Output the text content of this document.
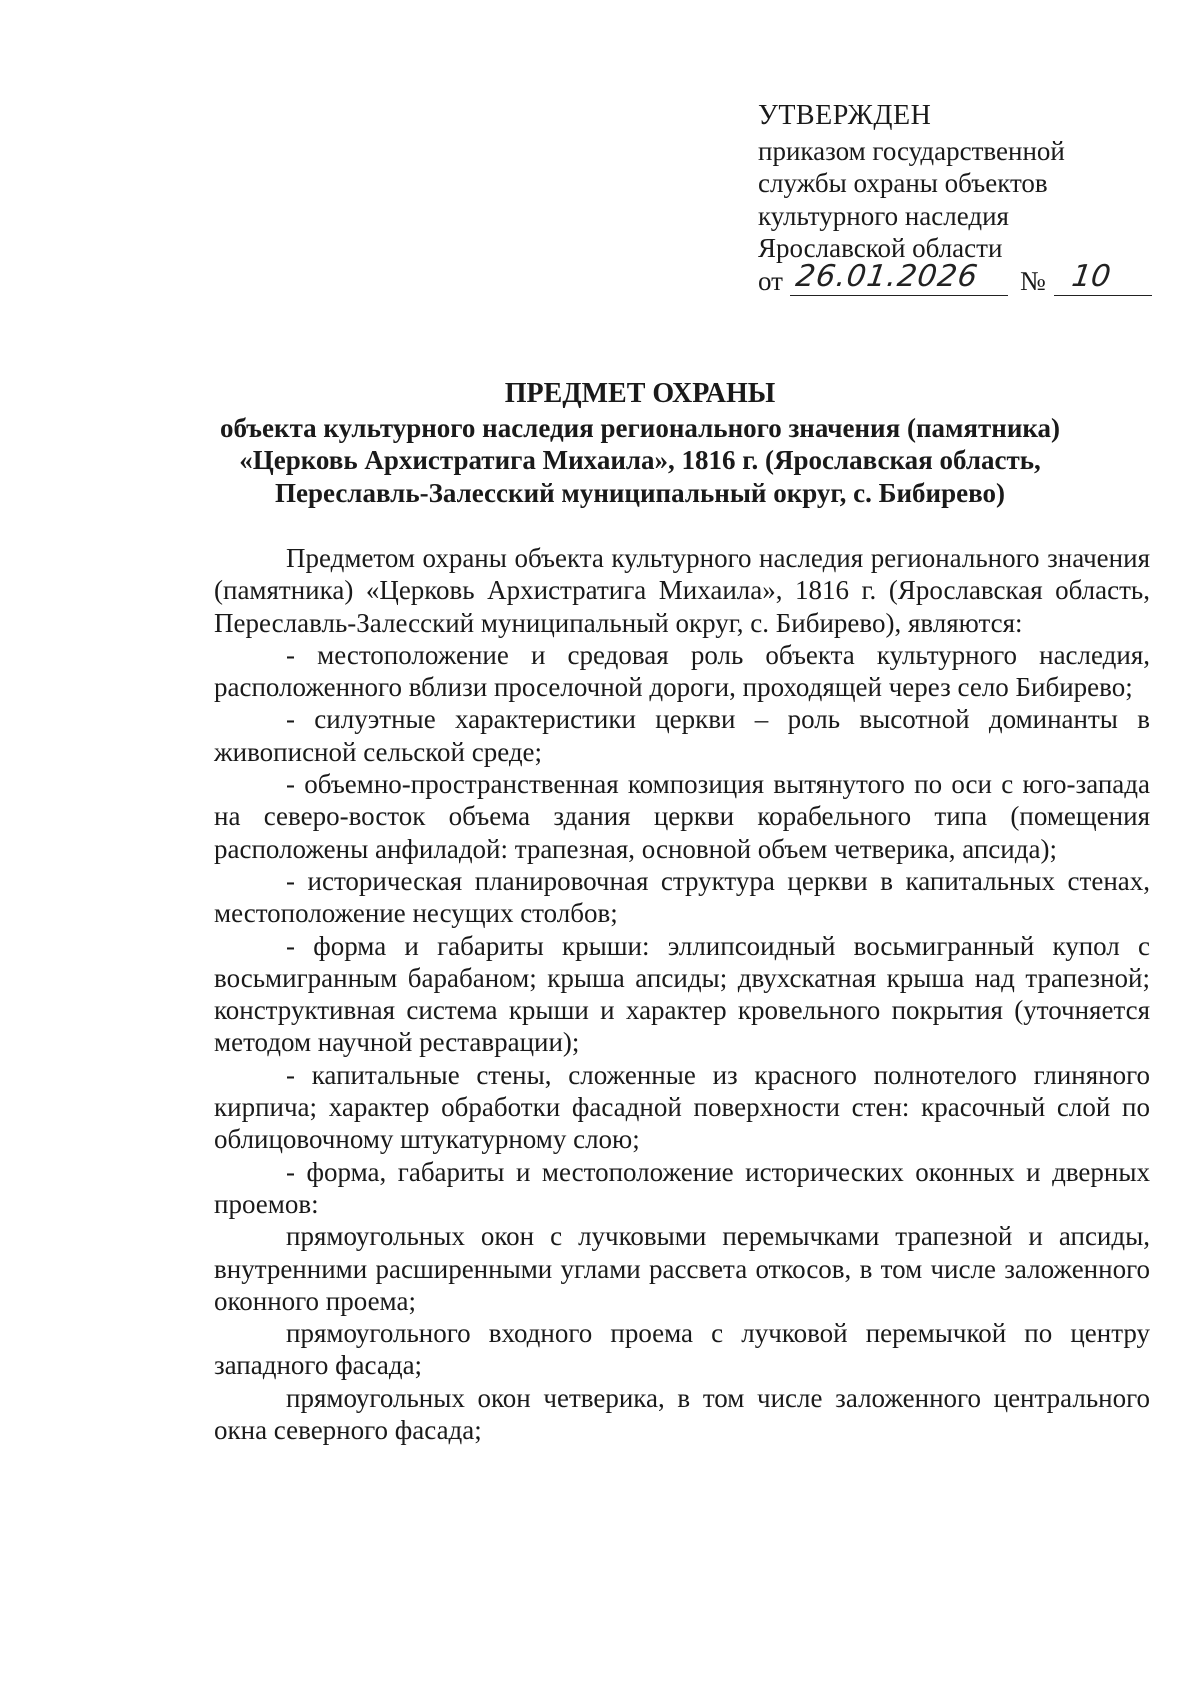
УТВЕРЖДЕН
приказом государственной
службы охраны объектов
культурного наследия
Ярославской области
от 26.01.2026 № 10
ПРЕДМЕТ ОХРАНЫ
объекта культурного наследия регионального значения (памятника)
«Церковь Архистратига Михаила», 1816 г. (Ярославская область,
Переславль-Залесский муниципальный округ, с. Бибирево)

Предметом охраны объекта культурного наследия регионального значения (памятника) «Церковь Архистратига Михаила», 1816 г. (Ярославская область, Переславль-Залесский муниципальный округ, с. Бибирево), являются:

- местоположение и средовая роль объекта культурного наследия, расположенного вблизи проселочной дороги, проходящей через село Бибирево;

- силуэтные характеристики церкви – роль высотной доминанты в живописной сельской среде;

- объемно-пространственная композиция вытянутого по оси с юго-запада на северо-восток объема здания церкви корабельного типа (помещения расположены анфиладой: трапезная, основной объем четверика, апсида);

- историческая планировочная структура церкви в капитальных стенах, местоположение несущих столбов;

- форма и габариты крыши: эллипсоидный восьмигранный купол с восьмигранным барабаном; крыша апсиды; двухскатная крыша над трапезной; конструктивная система крыши и характер кровельного покрытия (уточняется методом научной реставрации);

- капитальные стены, сложенные из красного полнотелого глиняного кирпича; характер обработки фасадной поверхности стен: красочный слой по облицовочному штукатурному слою;

- форма, габариты и местоположение исторических оконных и дверных проемов:

прямоугольных окон с лучковыми перемычками трапезной и апсиды, внутренними расширенными углами рассвета откосов, в том числе заложенного оконного проема;

прямоугольного входного проема с лучковой перемычкой по центру западного фасада;

прямоугольных окон четверика, в том числе заложенного центрального окна северного фасада;
